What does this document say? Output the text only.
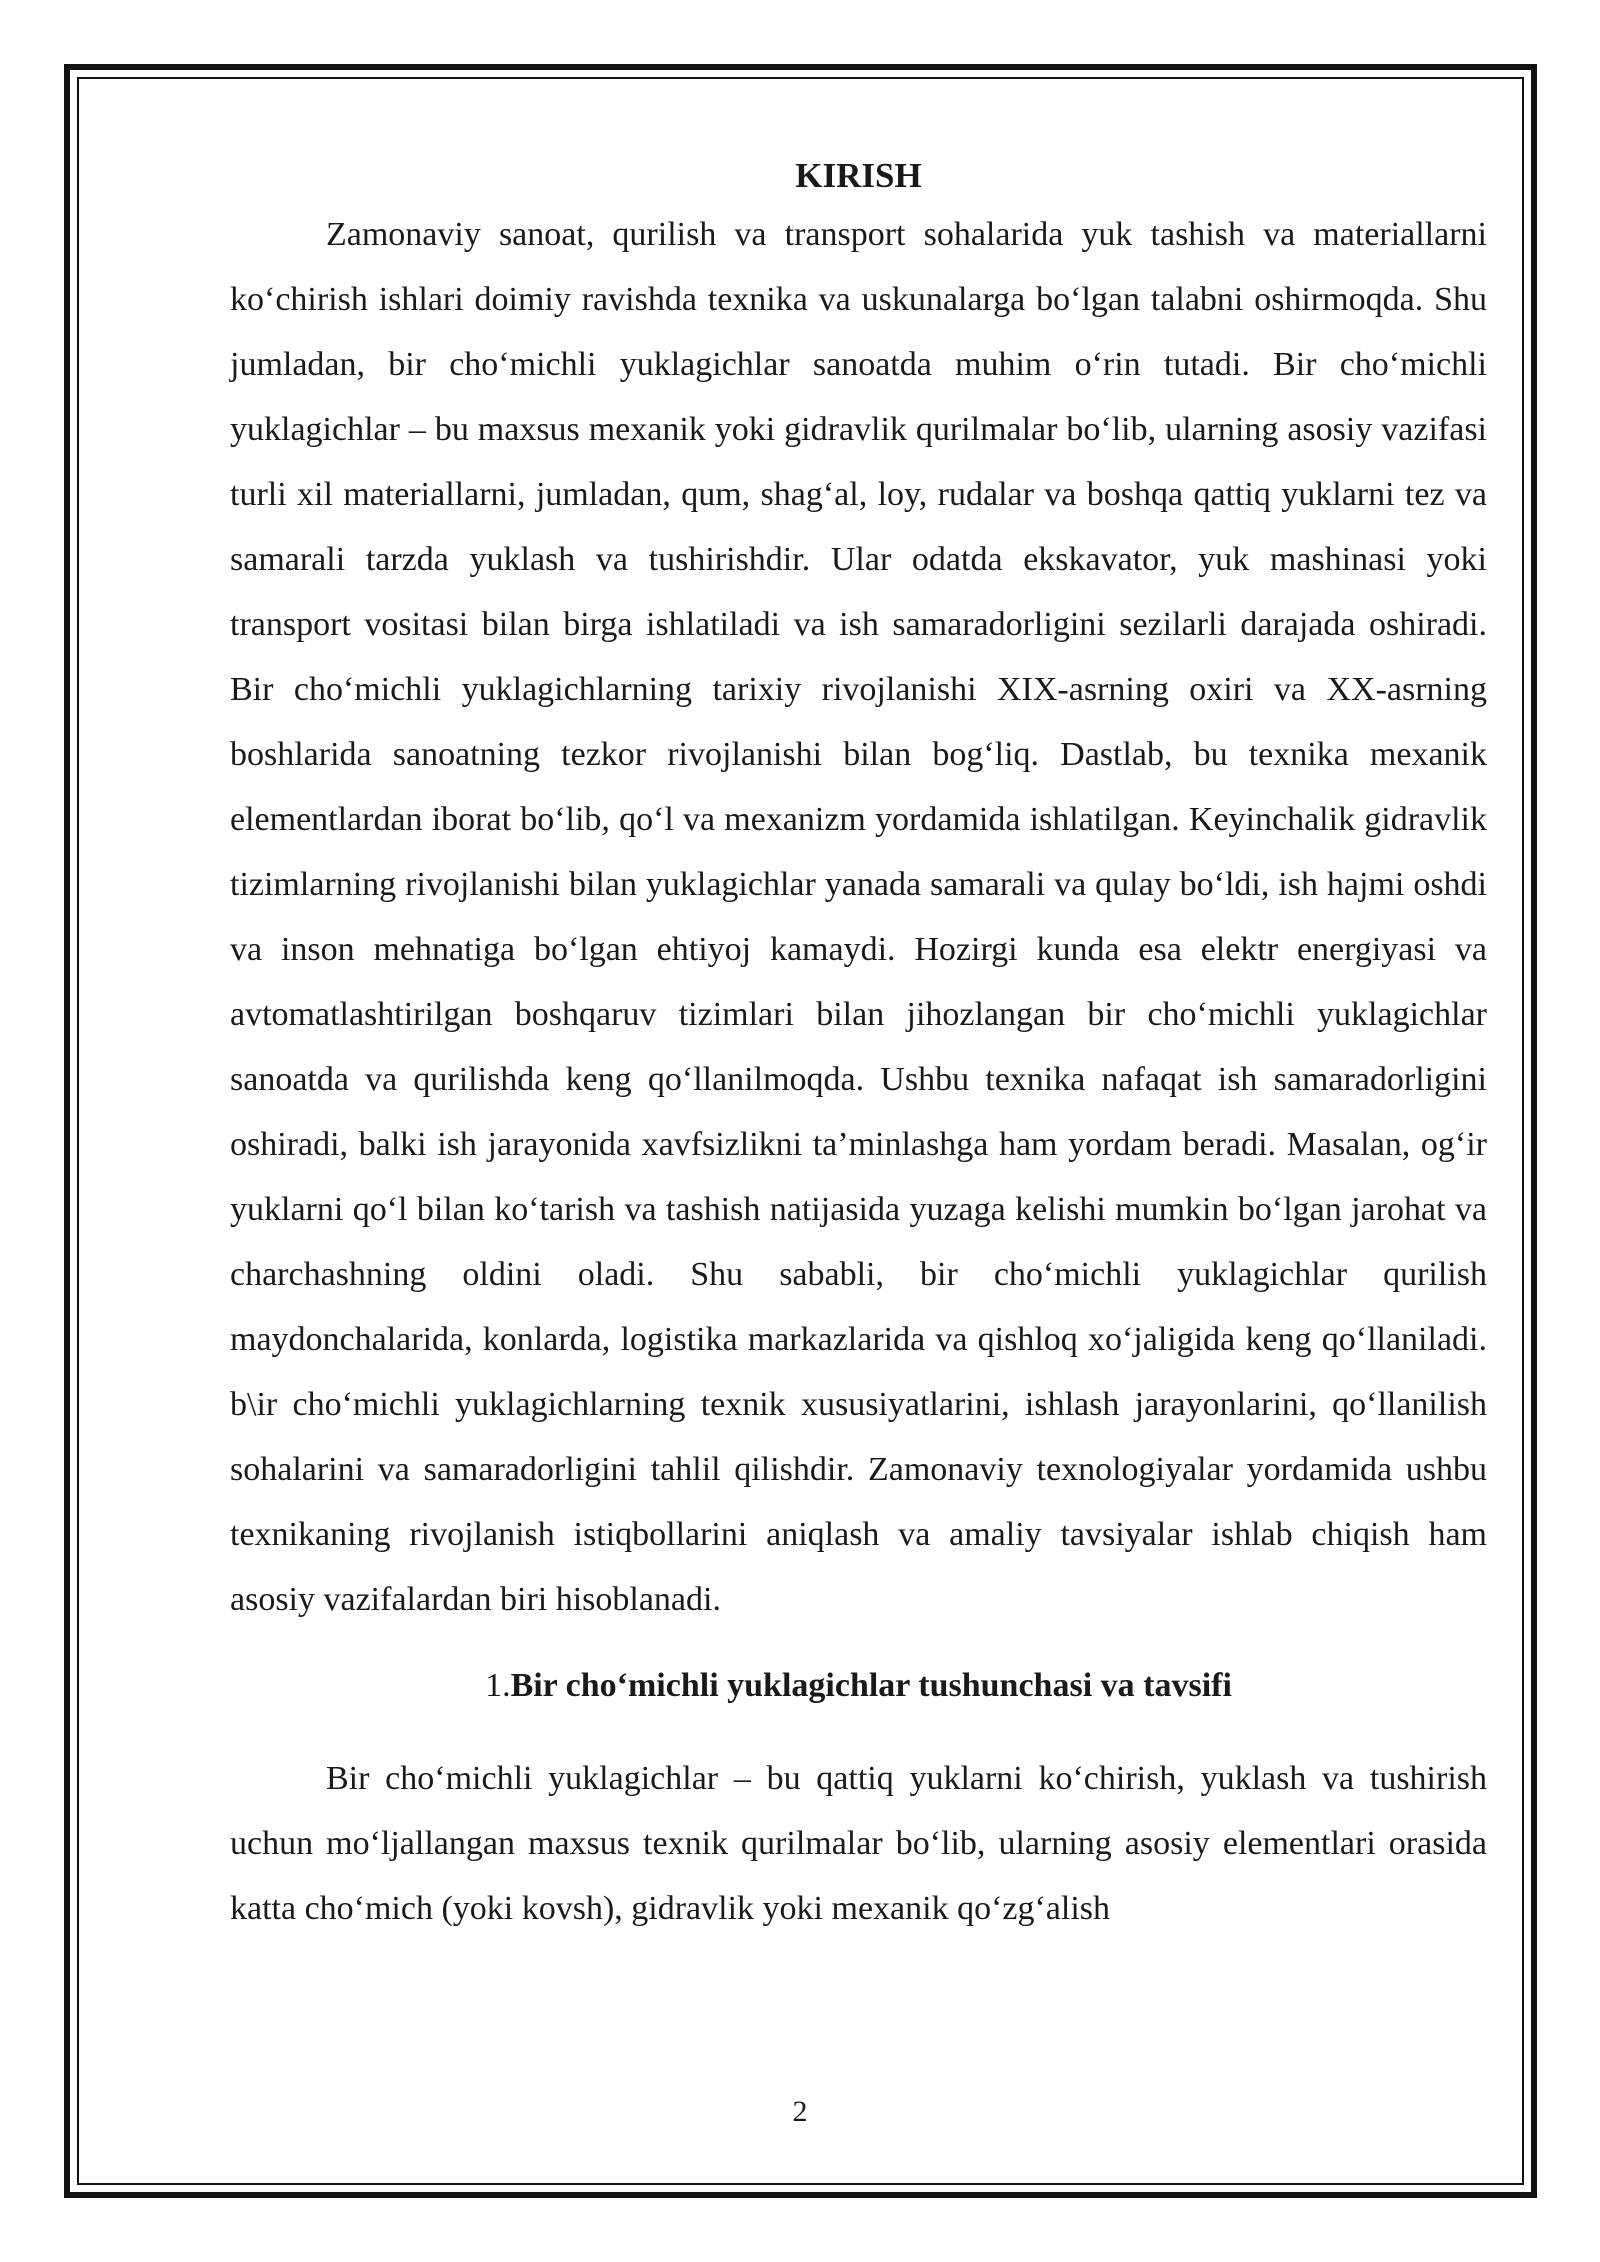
KIRISH

Zamonaviy sanoat, qurilish va transport sohalarida yuk tashish va materiallarni ko‘chirish ishlari doimiy ravishda texnika va uskunalarga bo‘lgan talabni oshirmoqda. Shu jumladan, bir cho‘michli yuklagichlar sanoatda muhim o‘rin tutadi. Bir cho‘michli yuklagichlar – bu maxsus mexanik yoki gidravlik qurilmalar bo‘lib, ularning asosiy vazifasi turli xil materiallarni, jumladan, qum, shag‘al, loy, rudalar va boshqa qattiq yuklarni tez va samarali tarzda yuklash va tushirishdir. Ular odatda ekskavator, yuk mashinasi yoki transport vositasi bilan birga ishlatiladi va ish samaradorligini sezilarli darajada oshiradi. Bir cho‘michli yuklagichlarning tarixiy rivojlanishi XIX-asrning oxiri va XX-asrning boshlarida sanoatning tezkor rivojlanishi bilan bog‘liq. Dastlab, bu texnika mexanik elementlardan iborat bo‘lib, qo‘l va mexanizm yordamida ishlatilgan. Keyinchalik gidravlik tizimlarning rivojlanishi bilan yuklagichlar yanada samarali va qulay bo‘ldi, ish hajmi oshdi va inson mehnatiga bo‘lgan ehtiyoj kamaydi. Hozirgi kunda esa elektr energiyasi va avtomatlashtirilgan boshqaruv tizimlari bilan jihozlangan bir cho‘michli yuklagichlar sanoatda va qurilishda keng qo‘llanilmoqda. Ushbu texnika nafaqat ish samaradorligini oshiradi, balki ish jarayonida xavfsizlikni ta’minlashga ham yordam beradi. Masalan, og‘ir yuklarni qo‘l bilan ko‘tarish va tashish natijasida yuzaga kelishi mumkin bo‘lgan jarohat va charchashning oldini oladi. Shu sababli, bir cho‘michli yuklagichlar qurilish maydonchalarida, konlarda, logistika markazlarida va qishloq xo‘jaligida keng qo‘llaniladi. b\ir cho‘michli yuklagichlarning texnik xususiyatlarini, ishlash jarayonlarini, qo‘llanilish sohalarini va samaradorligini tahlil qilishdir. Zamonaviy texnologiyalar yordamida ushbu texnikaning rivojlanish istiqbollarini aniqlash va amaliy tavsiyalar ishlab chiqish ham asosiy vazifalardan biri hisoblanadi.

1.Bir cho‘michli yuklagichlar tushunchasi va tavsifi

Bir cho‘michli yuklagichlar – bu qattiq yuklarni ko‘chirish, yuklash va tushirish uchun mo‘ljallangan maxsus texnik qurilmalar bo‘lib, ularning asosiy elementlari orasida katta cho‘mich (yoki kovsh), gidravlik yoki mexanik qo‘zg‘alish

2
